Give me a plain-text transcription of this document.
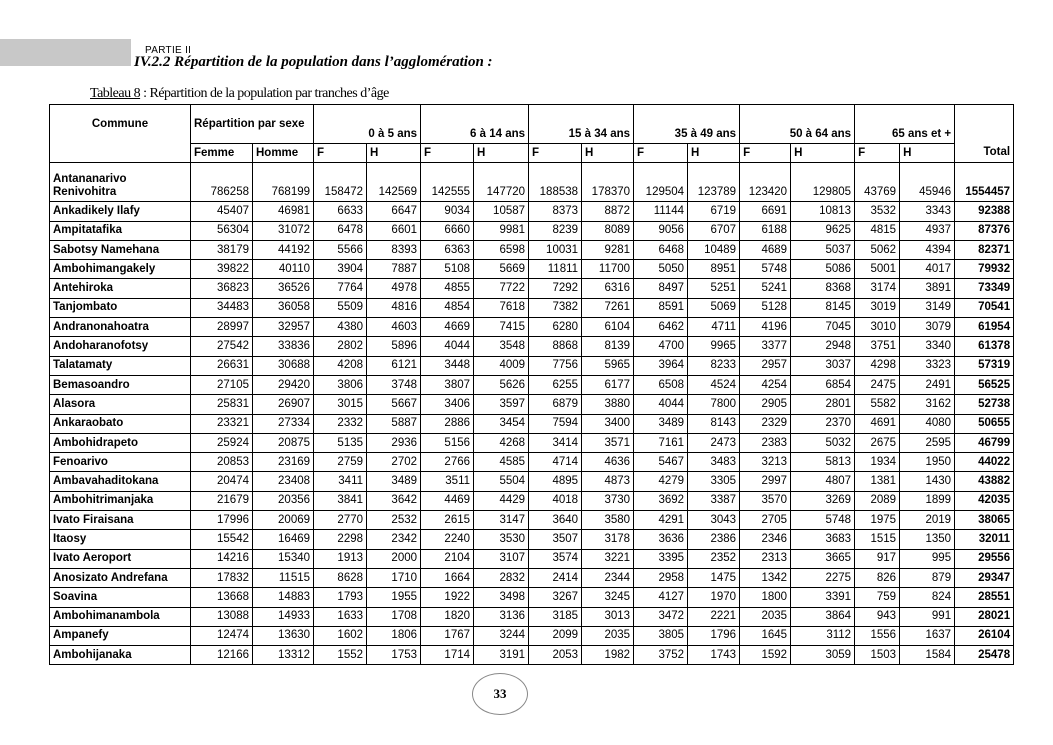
PARTIE II
IV.2.2 Répartition de la population dans l’agglomération :
Tableau 8 : Répartition de la population par tranches d’âge
Commune	Répartition par sexe		0 à 5 ans		6 à 14 ans		15 à 34 ans		35 à 49 ans		50 à 64 ans		65 ans et +		
	Femme	Homme	F	H	F	H	F	H	F	H	F	H	F	H	Total
Antananarivo Renivohitra	786258	768199	158472	142569	142555	147720	188538	178370	129504	123789	123420	129805	43769	45946	1554457
Ankadikely Ilafy	45407	46981	6633	6647	9034	10587	8373	8872	11144	6719	6691	10813	3532	3343	92388
Ampitatafika	56304	31072	6478	6601	6660	9981	8239	8089	9056	6707	6188	9625	4815	4937	87376
Sabotsy Namehana	38179	44192	5566	8393	6363	6598	10031	9281	6468	10489	4689	5037	5062	4394	82371
Ambohimangakely	39822	40110	3904	7887	5108	5669	11811	11700	5050	8951	5748	5086	5001	4017	79932
Antehiroka	36823	36526	7764	4978	4855	7722	7292	6316	8497	5251	5241	8368	3174	3891	73349
Tanjombato	34483	36058	5509	4816	4854	7618	7382	7261	8591	5069	5128	8145	3019	3149	70541
Andranonahoatra	28997	32957	4380	4603	4669	7415	6280	6104	6462	4711	4196	7045	3010	3079	61954
Andoharanofotsy	27542	33836	2802	5896	4044	3548	8868	8139	4700	9965	3377	2948	3751	3340	61378
Talatamaty	26631	30688	4208	6121	3448	4009	7756	5965	3964	8233	2957	3037	4298	3323	57319
Bemasoandro	27105	29420	3806	3748	3807	5626	6255	6177	6508	4524	4254	6854	2475	2491	56525
Alasora	25831	26907	3015	5667	3406	3597	6879	3880	4044	7800	2905	2801	5582	3162	52738
Ankaraobato	23321	27334	2332	5887	2886	3454	7594	3400	3489	8143	2329	2370	4691	4080	50655
Ambohidrapeto	25924	20875	5135	2936	5156	4268	3414	3571	7161	2473	2383	5032	2675	2595	46799
Fenoarivo	20853	23169	2759	2702	2766	4585	4714	4636	5467	3483	3213	5813	1934	1950	44022
Ambavahaditokana	20474	23408	3411	3489	3511	5504	4895	4873	4279	3305	2997	4807	1381	1430	43882
Ambohitrimanjaka	21679	20356	3841	3642	4469	4429	4018	3730	3692	3387	3570	3269	2089	1899	42035
Ivato Firaisana	17996	20069	2770	2532	2615	3147	3640	3580	4291	3043	2705	5748	1975	2019	38065
Itaosy	15542	16469	2298	2342	2240	3530	3507	3178	3636	2386	2346	3683	1515	1350	32011
Ivato Aeroport	14216	15340	1913	2000	2104	3107	3574	3221	3395	2352	2313	3665	917	995	29556
Anosizato Andrefana	17832	11515	8628	1710	1664	2832	2414	2344	2958	1475	1342	2275	826	879	29347
Soavina	13668	14883	1793	1955	1922	3498	3267	3245	4127	1970	1800	3391	759	824	28551
Ambohimanambola	13088	14933	1633	1708	1820	3136	3185	3013	3472	2221	2035	3864	943	991	28021
Ampanefy	12474	13630	1602	1806	1767	3244	2099	2035	3805	1796	1645	3112	1556	1637	26104
Ambohijanaka	12166	13312	1552	1753	1714	3191	2053	1982	3752	1743	1592	3059	1503	1584	25478
33
